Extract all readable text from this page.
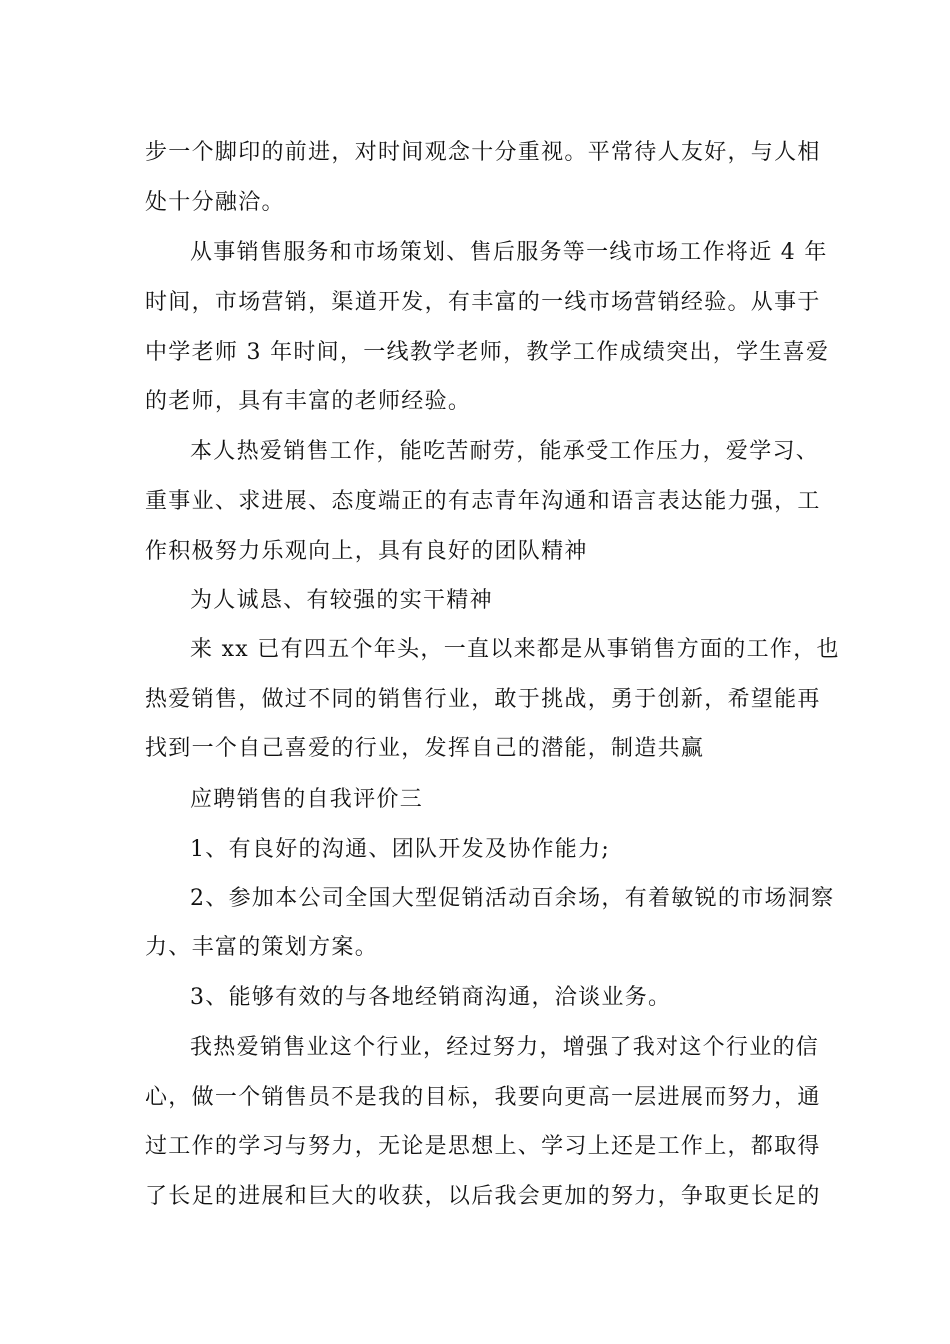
步一个脚印的前进，对时间观念十分重视。平常待人友好，与人相
处十分融洽。
从事销售服务和市场策划、售后服务等一线市场工作将近 4 年
时间，市场营销，渠道开发，有丰富的一线市场营销经验。从事于
中学老师 3 年时间，一线教学老师，教学工作成绩突出，学生喜爱
的老师，具有丰富的老师经验。
本人热爱销售工作，能吃苦耐劳，能承受工作压力，爱学习、
重事业、求进展、态度端正的有志青年沟通和语言表达能力强，工
作积极努力乐观向上，具有良好的团队精神
为人诚恳、有较强的实干精神
来 xx 已有四五个年头，一直以来都是从事销售方面的工作，也
热爱销售，做过不同的销售行业，敢于挑战，勇于创新，希望能再
找到一个自己喜爱的行业，发挥自己的潜能，制造共赢
应聘销售的自我评价三
1、有良好的沟通、团队开发及协作能力;
2、参加本公司全国大型促销活动百余场，有着敏锐的市场洞察
力、丰富的策划方案。
3、能够有效的与各地经销商沟通，洽谈业务。
我热爱销售业这个行业，经过努力，增强了我对这个行业的信
心，做一个销售员不是我的目标，我要向更高一层进展而努力，通
过工作的学习与努力，无论是思想上、学习上还是工作上，都取得
了长足的进展和巨大的收获，以后我会更加的努力，争取更长足的
